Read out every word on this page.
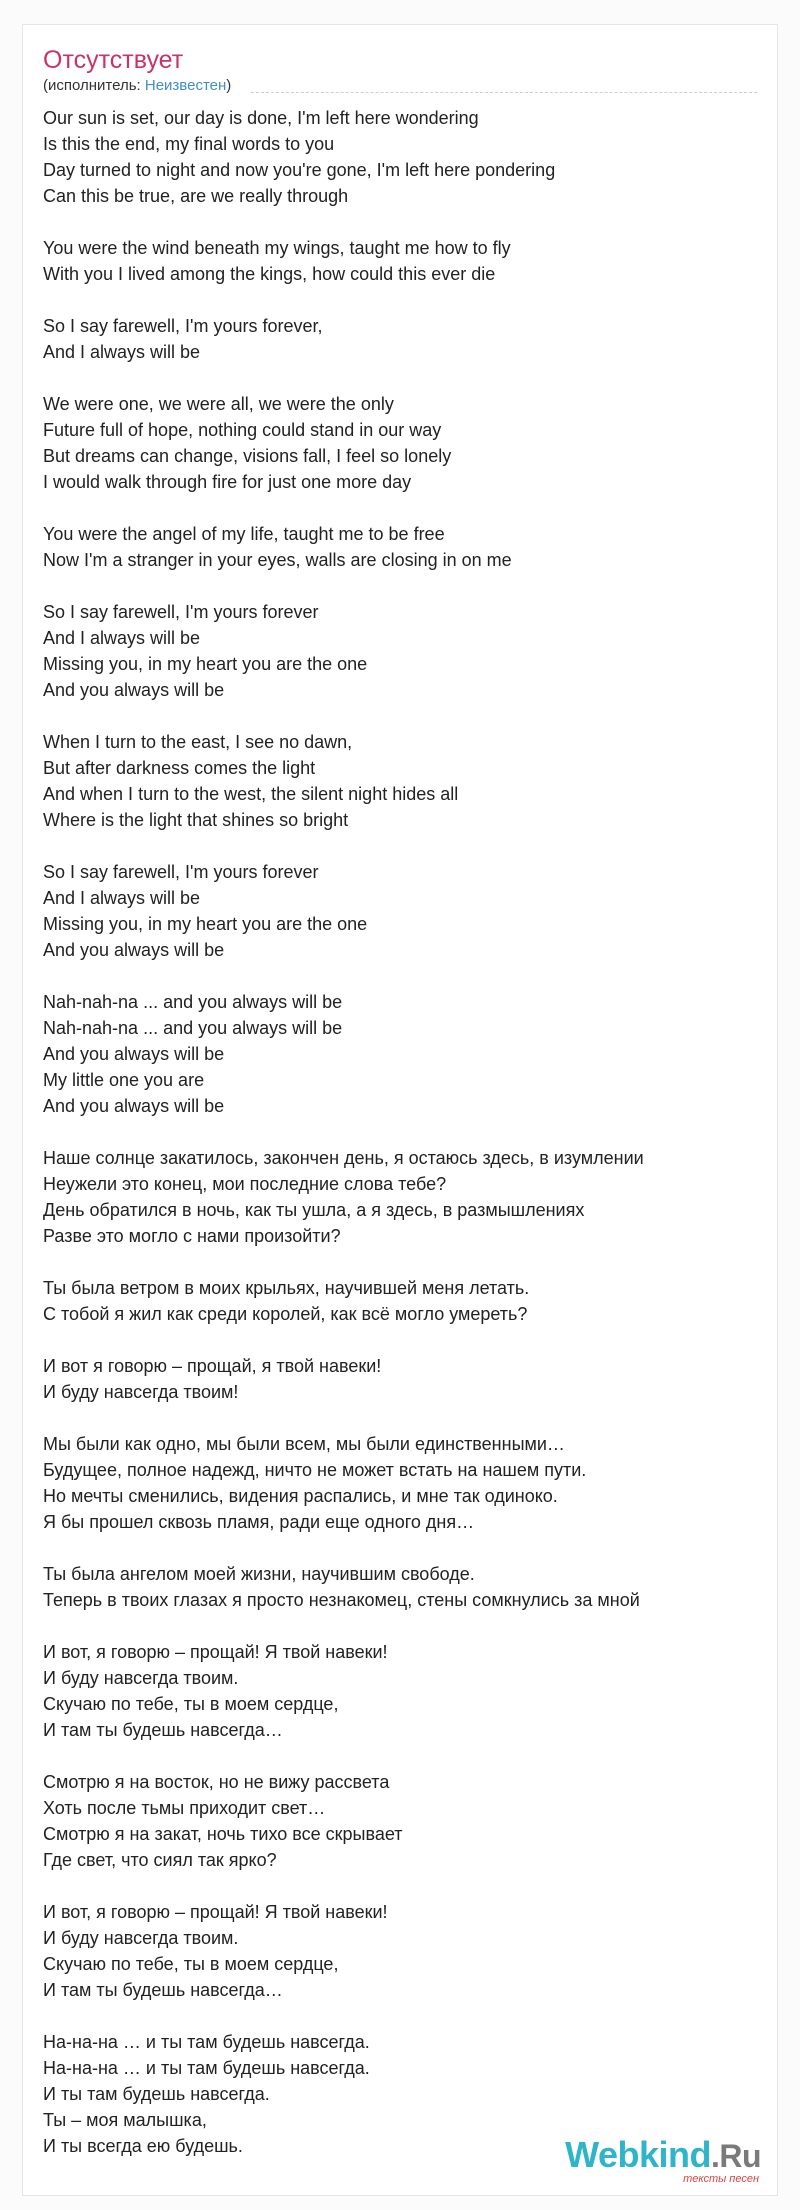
Отсутствует
(исполнитель: Неизвестен)
Our sun is set, our day is done, I'm left here wondering
Is this the end, my final words to you
Day turned to night and now you're gone, I'm left here pondering
Can this be true, are we really through
You were the wind beneath my wings, taught me how to fly
With you I lived among the kings, how could this ever die
So I say farewell, I'm yours forever,
And I always will be
We were one, we were all, we were the only
Future full of hope, nothing could stand in our way
But dreams can change, visions fall, I feel so lonely
I would walk through fire for just one more day
You were the angel of my life, taught me to be free
Now I'm a stranger in your eyes, walls are closing in on me
So I say farewell, I'm yours forever
And I always will be
Missing you, in my heart you are the one
And you always will be
When I turn to the east, I see no dawn,
But after darkness comes the light
And when I turn to the west, the silent night hides all
Where is the light that shines so bright
So I say farewell, I'm yours forever
And I always will be
Missing you, in my heart you are the one
And you always will be
Nah-nah-na ... and you always will be
Nah-nah-na ... and you always will be
And you always will be
My little one you are
And you always will be
Наше солнце закатилось, закончен день, я остаюсь здесь, в изумлении
Неужели это конец, мои последние слова тебе?
День обратился в ночь, как ты ушла, а я здесь, в размышлениях
Разве это могло с нами произойти?
Ты была ветром в моих крыльях, научившей меня летать.
С тобой я жил как среди королей, как всё могло умереть?
И вот я говорю – прощай, я твой навеки!
И буду навсегда твоим!
Мы были как одно, мы были всем, мы были единственными…
Будущее, полное надежд, ничто не может встать на нашем пути.
Но мечты сменились, видения распались, и мне так одиноко.
Я бы прошел сквозь пламя, ради еще одного дня…
Ты была ангелом моей жизни, научившим свободе.
Теперь в твоих глазах я просто незнакомец, стены сомкнулись за мной
И вот, я говорю – прощай! Я твой навеки!
И буду навсегда твоим.
Скучаю по тебе, ты в моем сердце,
И там ты будешь навсегда…
Смотрю я на восток, но не вижу рассвета
Хоть после тьмы приходит свет…
Смотрю я на закат, ночь тихо все скрывает
Где свет, что сиял так ярко?
И вот, я говорю – прощай! Я твой навеки!
И буду навсегда твоим.
Скучаю по тебе, ты в моем сердце,
И там ты будешь навсегда…
На-на-на … и ты там будешь навсегда.
На-на-на … и ты там будешь навсегда.
И ты там будешь навсегда.
Ты – моя малышка,
И ты всегда ею будешь.	Webkind.Ru
тексты песен
